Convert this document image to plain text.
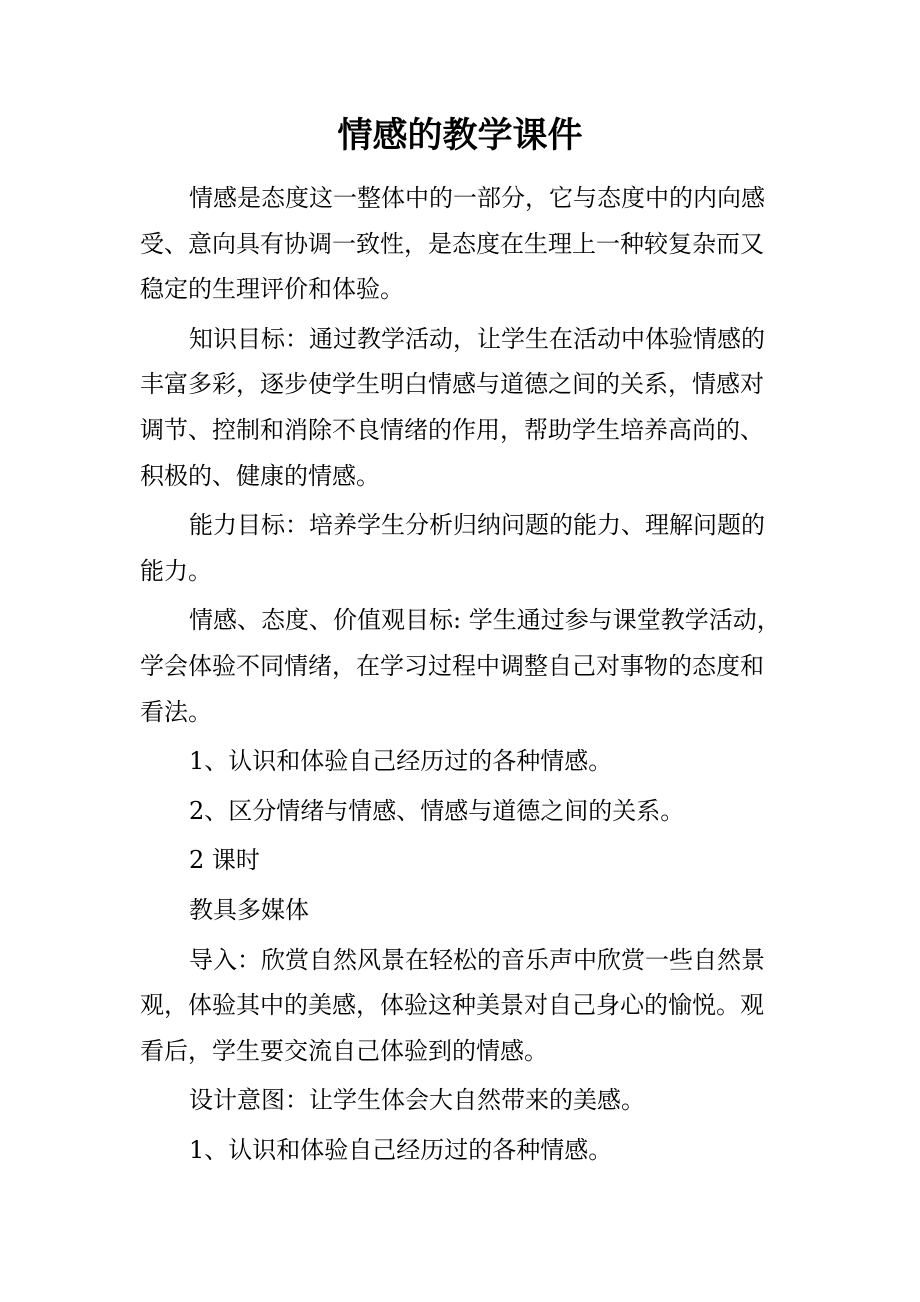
情感的教学课件

情感是态度这一整体中的一部分，它与态度中的内向感
受、意向具有协调一致性，是态度在生理上一种较复杂而又
稳定的生理评价和体验。

知识目标：通过教学活动，让学生在活动中体验情感的
丰富多彩，逐步使学生明白情感与道德之间的关系，情感对
调节、控制和消除不良情绪的作用，帮助学生培养高尚的、
积极的、健康的情感。

能力目标：培养学生分析归纳问题的能力、理解问题的
能力。

情感、态度、价值观目标: 学生通过参与课堂教学活动，
学会体验不同情绪，在学习过程中调整自己对事物的态度和
看法。

1、认识和体验自己经历过的各种情感。

2、区分情绪与情感、情感与道德之间的关系。

2 课时

教具多媒体

导入：欣赏自然风景在轻松的音乐声中欣赏一些自然景
观，体验其中的美感，体验这种美景对自己身心的愉悦。观
看后，学生要交流自己体验到的情感。

设计意图：让学生体会大自然带来的美感。

1、认识和体验自己经历过的各种情感。
